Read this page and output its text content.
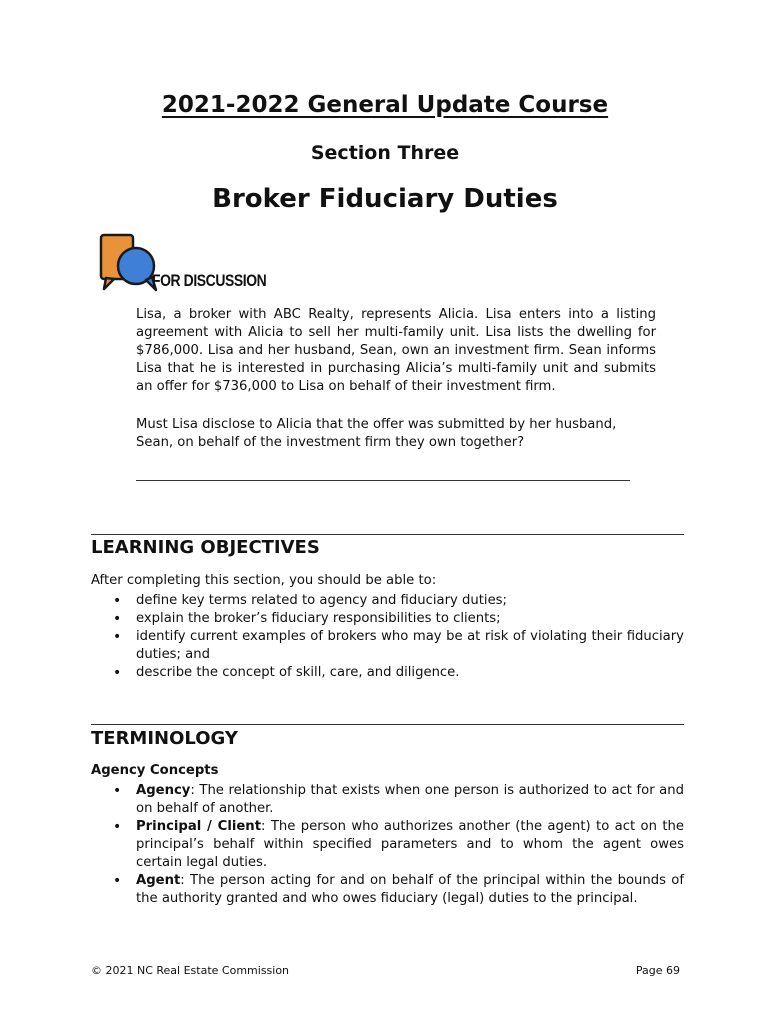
2021-2022 General Update Course
Section Three
Broker Fiduciary Duties
FOR DISCUSSION

Lisa, a broker with ABC Realty, represents Alicia. Lisa enters into a listing agreement with Alicia to sell her multi-family unit. Lisa lists the dwelling for $786,000. Lisa and her husband, Sean, own an investment firm. Sean informs Lisa that he is interested in purchasing Alicia’s multi-family unit and submits an offer for $736,000 to Lisa on behalf of their investment firm.

Must Lisa disclose to Alicia that the offer was submitted by her husband, Sean, on behalf of the investment firm they own together?

LEARNING OBJECTIVES

After completing this section, you should be able to:

• define key terms related to agency and fiduciary duties;
• explain the broker’s fiduciary responsibilities to clients;
• identify current examples of brokers who may be at risk of violating their fiduciary duties; and
• describe the concept of skill, care, and diligence.
TERMINOLOGY

Agency Concepts

• Agency: The relationship that exists when one person is authorized to act for and on behalf of another.
• Principal / Client: The person who authorizes another (the agent) to act on the principal’s behalf within specified parameters and to whom the agent owes certain legal duties.
• Agent: The person acting for and on behalf of the principal within the bounds of the authority granted and who owes fiduciary (legal) duties to the principal.
© 2021 NC Real Estate Commission	Page 69
